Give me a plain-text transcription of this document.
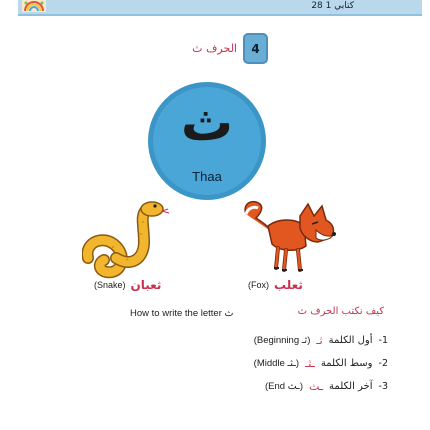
كتابي 1 28
4
الحرف ث
ث
Thaa
(Snake) ثعبان	(Fox) ثعلب
How to write the letter ث	كيف نكتب الحرف ث
-1
أول الكلمة
ثـ
(Beginning ثـ)
-2
وسط الكلمة
ـثـ
(Middle ـثـ)
-3
آخر الكلمة
ـث
(End ـث)
